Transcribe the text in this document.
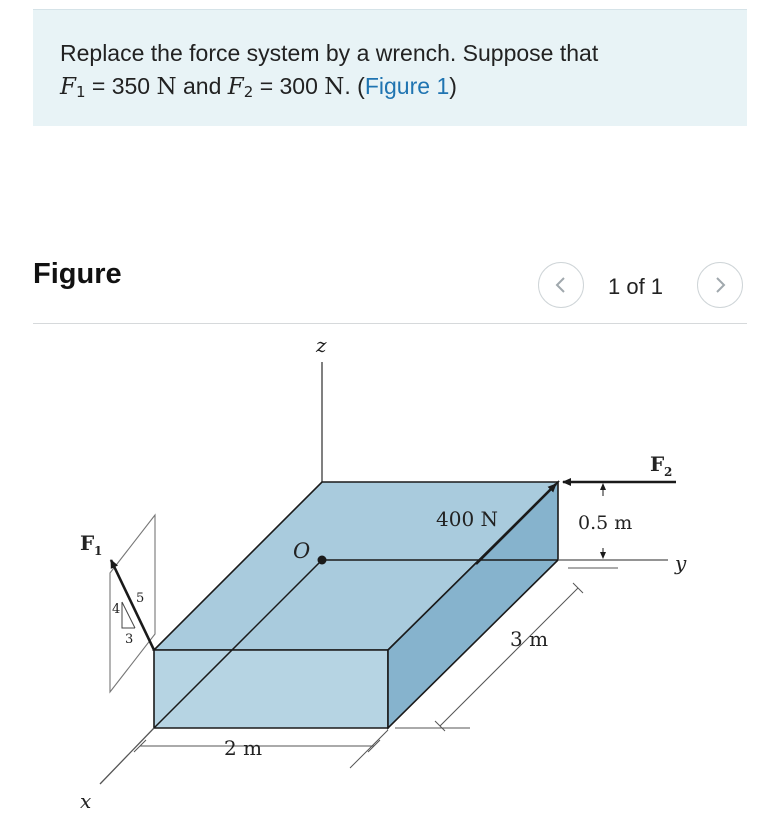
Replace the force system by a wrench. Suppose that
F1 = 350 N and F2 = 300 N. (Figure 1)
Figure	1 of 1
z
y
x
O
400 N
F 2
F 1
4
5
3
0.5 m
3 m
2 m
